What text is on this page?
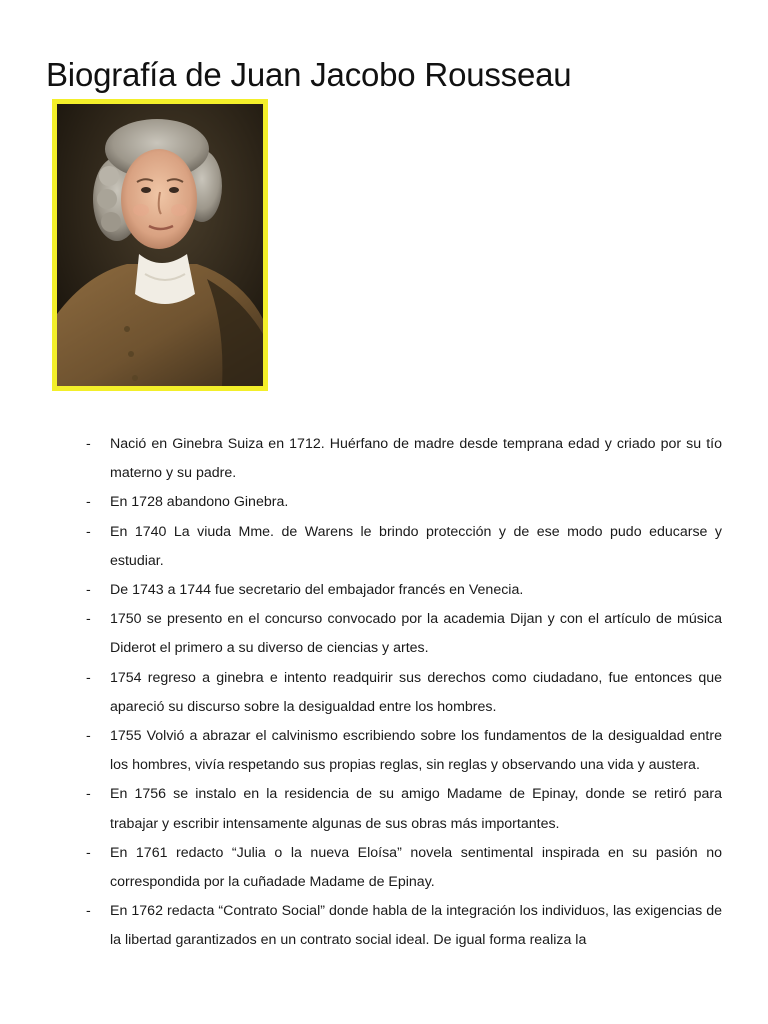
Biografía de Juan Jacobo Rousseau
- Nació en Ginebra Suiza en 1712. Huérfano de madre desde temprana edad y criado por su tío materno y su padre.
- En 1728 abandono Ginebra.
- En 1740 La viuda Mme. de Warens le brindo protección y de ese modo pudo educarse y estudiar.
- De 1743 a 1744 fue secretario del embajador francés en Venecia.
- 1750 se presento en el concurso convocado por la academia Dijan y con el artículo de música Diderot el primero a su diverso de ciencias y artes.
- 1754 regreso a ginebra e intento readquirir sus derechos como ciudadano, fue entonces que apareció su discurso sobre la desigualdad entre los hombres.
- 1755 Volvió a abrazar el calvinismo escribiendo sobre los fundamentos de la desigualdad entre los hombres, vivía respetando sus propias reglas, sin reglas y observando una vida y austera.
- En 1756 se instalo en la residencia de su amigo Madame de Epinay, donde se retiró para trabajar y escribir intensamente algunas de sus obras más importantes.
- En 1761 redacto “Julia o la nueva Eloísa” novela sentimental inspirada en su pasión no correspondida por la cuñadade Madame de Epinay.
- En 1762 redacta “Contrato Social” donde habla de la integración los individuos, las exigencias de la libertad garantizados en un contrato social ideal. De igual forma realiza la
